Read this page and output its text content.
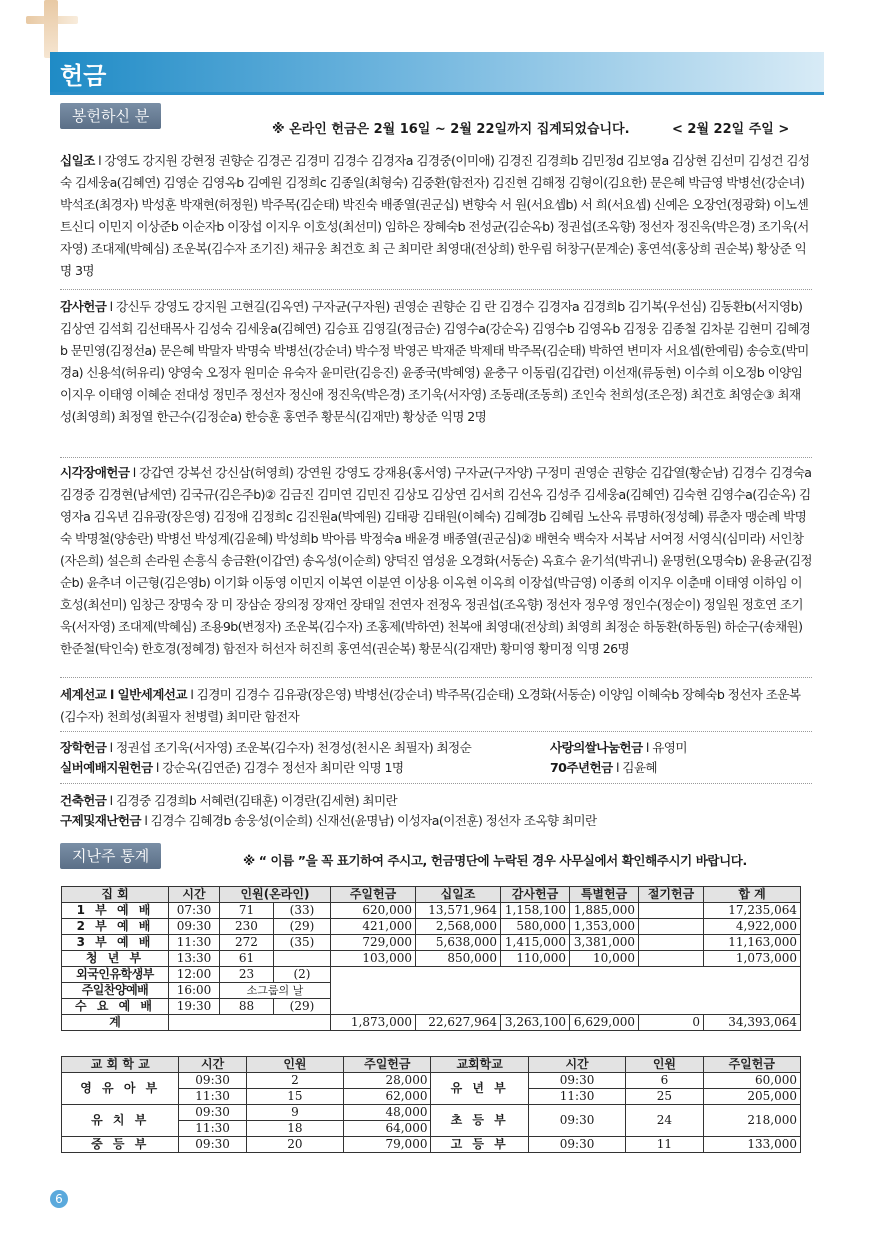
헌금
봉헌하신 분
※ 온라인 헌금은 2월 16일 ~ 2월 22일까지 집계되었습니다.	< 2월 22일 주일 >
십일조 l 강영도 강지원 강현정 권향순 김경곤 김경미 김경수 김경자a 김경중(이미애) 김경진 김경희b 김민정d 김보영a 김상현 김선미 김성건 김성숙 김세웅a(김혜연) 김영순 김영옥b 김예원 김정희c 김종일(최형숙) 김중환(함전자) 김진현 김해정 김형이(김요한) 문은혜 박금영 박병선(강순녀) 박석조(최경자) 박성훈 박재현(허정원) 박주목(김순태) 박진숙 배종열(권군십) 변향숙 서 원(서요셉b) 서 희(서요셉) 신예은 오장언(정광화) 이노센트신디 이민지 이상준b 이순자b 이장섭 이지우 이호성(최선미) 임하은 장혜숙b 전성균(김순옥b) 정권섭(조옥향) 정선자 정진욱(박은경) 조기욱(서자영) 조대제(박혜심) 조운복(김수자 조기진) 채규웅 최건호 최 근 최미란 최영대(전상희) 한우림 허창구(문계순) 홍연석(홍상희 권순복) 황상준 익명 3명
감사헌금 l 강신두 강영도 강지원 고현길(김옥연) 구자균(구자원) 권영순 권향순 김 란 김경수 김경자a 김경희b 김기복(우선심) 김동환b(서지영b) 김상연 김석회 김선태목사 김성숙 김세웅a(김혜연) 김승표 김영길(정금순) 김영수a(강순옥) 김영수b 김영옥b 김정웅 김종철 김차분 김현미 김혜경b 문민영(김정선a) 문은혜 박말자 박명숙 박병선(강순녀) 박수정 박영곤 박재준 박제태 박주목(김순태) 박하연 변미자 서요셉(한예림) 송승호(박미경a) 신용석(허유리) 양영숙 오정자 원미순 유숙자 윤미란(김응진) 윤종국(박혜영) 윤충구 이동림(김갑련) 이선재(류동현) 이수희 이오정b 이양임 이지우 이태영 이혜순 전대성 정민주 정선자 정신애 정진욱(박은경) 조기욱(서자영) 조동래(조동희) 조인숙 천희성(조은정) 최건호 최영순③ 최재성(최영희) 최정열 한근수(김정순a) 한승훈 홍연주 황문식(김재만) 황상준 익명 2명
시각장애헌금 l 강갑연 강복선 강신삼(허영희) 강연원 강영도 강재용(홍서영) 구자균(구자양) 구정미 권영순 권향순 김갑열(황순남) 김경수 김경숙a 김경중 김경현(남세연) 김국규(김은주b)② 김금진 김미연 김민진 김상모 김상연 김서희 김선옥 김성주 김세웅a(김혜연) 김숙현 김영수a(김순옥) 김영자a 김옥년 김유광(장은영) 김정애 김정희c 김진원a(박예원) 김태광 김태원(이혜숙) 김혜경b 김혜림 노산옥 류명하(정성혜) 류춘자 맹순례 박명숙 박명철(양송란) 박병선 박성계(김윤혜) 박성희b 박아름 박정숙a 배윤경 배종열(권군심)② 배현숙 백숙자 서복남 서여정 서영식(심미라) 서인창(자은희) 설은희 손라원 손흥식 송금환(이갑연) 송옥성(이순희) 양덕진 염성윤 오경화(서동순) 옥효수 윤기석(박귀니) 윤명헌(오명숙b) 윤용균(김정순b) 윤추녀 이근형(김은영b) 이기화 이동영 이민지 이복연 이분연 이상용 이옥현 이옥희 이장섭(박금영) 이종희 이지우 이춘매 이태영 이하임 이호성(최선미) 임창근 장명숙 장 미 장삼순 장의정 장재언 장태일 전연자 전정옥 정권섭(조옥향) 정선자 정우영 정인수(정순이) 정일원 정호연 조기욱(서자영) 조대제(박혜심) 조용9b(변정자) 조운복(김수자) 조홍제(박하연) 천복애 최영대(전상희) 최영희 최정순 하동환(하동원) 하순구(송채원) 한준철(탁인숙) 한호경(정혜경) 함전자 허선자 허진희 홍연석(권순복) 황문식(김재만) 황미영 황미정 익명 26명
세계선교 l 일반세계선교 l 김경미 김경수 김유광(장은영) 박병선(강순녀) 박주목(김순태) 오경화(서동순) 이양임 이혜숙b 장혜숙b 정선자 조운복(김수자) 천희성(최필자 천병렬) 최미란 함전자
장학헌금 l 정권섭 조기욱(서자영) 조운복(김수자) 천경성(천시온 최필자) 최정순	사랑의쌀나눔헌금 l 유영미
실버예배지원헌금 l 강순옥(김연준) 김경수 정선자 최미란 익명 1명	70주년헌금 l 김윤혜
건축헌금 l 김경중 김경희b 서혜련(김태훈) 이경란(김세현) 최미란
구제및재난헌금 l 김경수 김혜경b 송웅성(이순희) 신재선(윤명남) 이성자a(이전훈) 정선자 조옥향 최미란
지난주 통계	※ “ 이름 ”을 꼭 표기하여 주시고, 헌금명단에 누락된 경우 사무실에서 확인해주시기 바랍니다.
집 회	시간	인원(온라인)		주일헌금	십일조	감사헌금	특별헌금	절기헌금	합 계
1 부 예 배	07:30	71	(33)	620,000	13,571,964	1,158,100	1,885,000		17,235,064
2 부 예 배	09:30	230	(29)	421,000	2,568,000	580,000	1,353,000		4,922,000
3 부 예 배	11:30	272	(35)	729,000	5,638,000	1,415,000	3,381,000		11,163,000
청 년 부	13:30	61		103,000	850,000	110,000	10,000		1,073,000
외국인유학생부	12:00	23	(2)						
주일찬양예배	16:00	소그룹의 날							
수 요 예 배	19:30	88	(29)						
계				1,873,000	22,627,964	3,263,100	6,629,000	0	34,393,064
교 회 학 교	시간	인원	주일헌금	교회학교	시간	인원	주일헌금
영 유 아 부	09:30	2	28,000	유 년 부	09:30	6	60,000
	11:30	15	62,000		11:30	25	205,000
유 치 부	09:30	9	48,000	초 등 부	09:30	24	218,000
	11:30	18	64,000				
중 등 부	09:30	20	79,000	고 등 부	09:30	11	133,000
6
